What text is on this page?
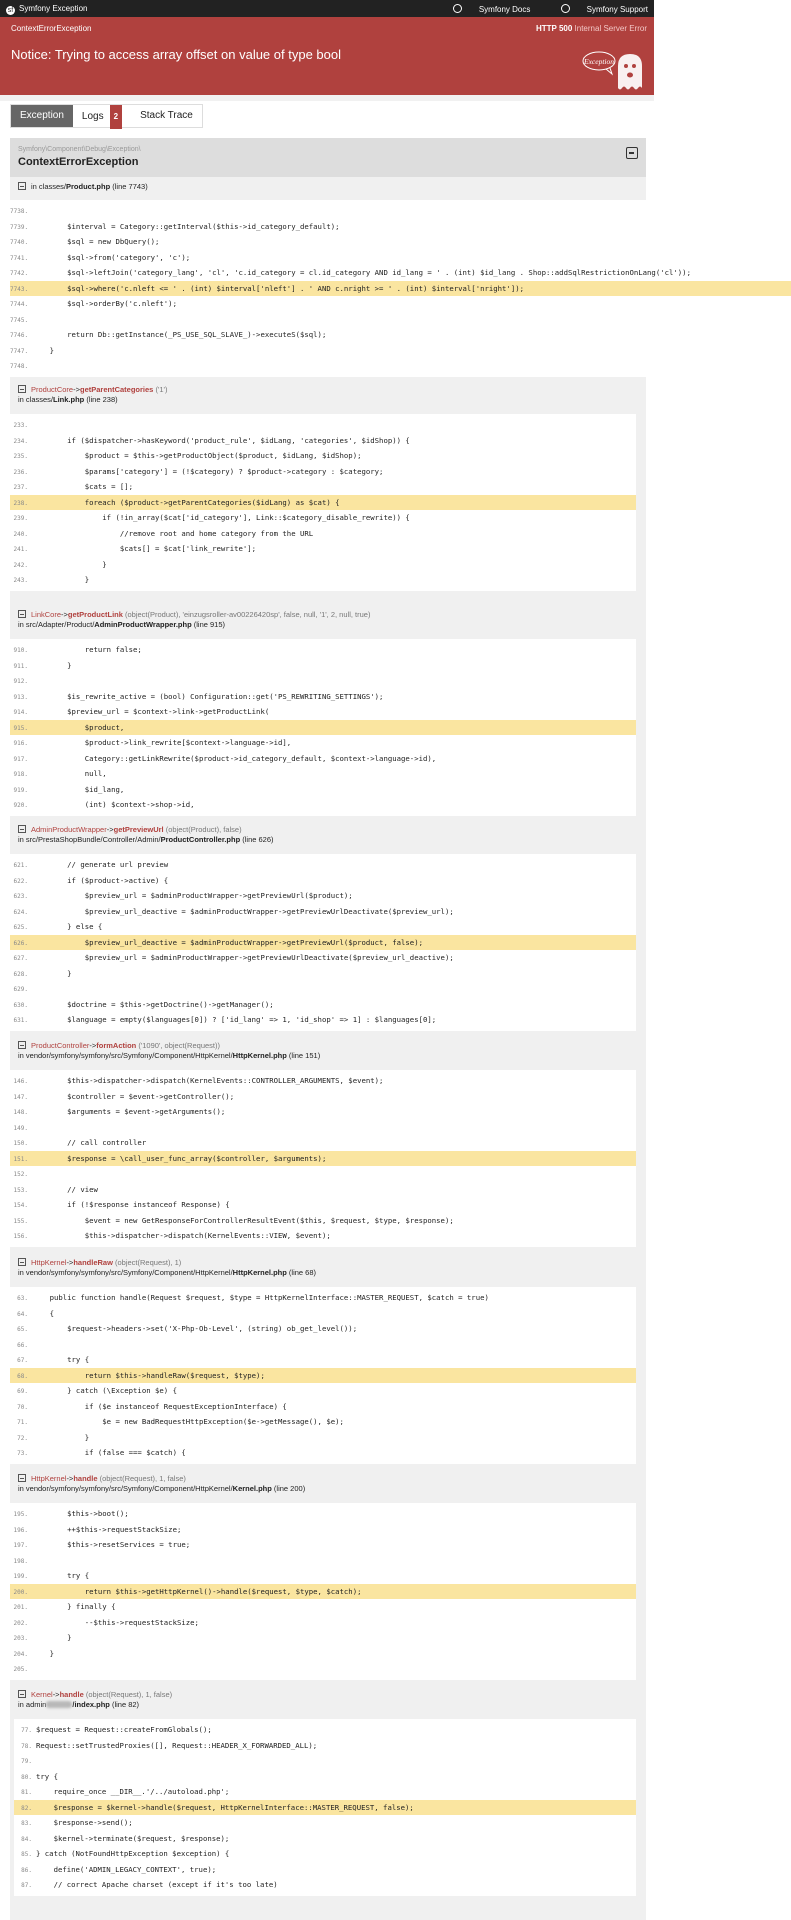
sf Symfony Exception	Symfony Docs	Symfony Support
ContextErrorException	HTTP 500 Internal Server Error
Notice: Trying to access array offset on value of type bool	Exception
Exception	Logs 2	Stack Trace
Symfony\Component\Debug\Exception\
ContextErrorException
in classes/Product.php (line 7743)
7738.
7739.        $interval = Category::getInterval($this->id_category_default);
7740.        $sql = new DbQuery();
7741.        $sql->from('category', 'c');
7742.        $sql->leftJoin('category_lang', 'cl', 'c.id_category = cl.id_category AND id_lang = ' . (int) $id_lang . Shop::addSqlRestrictionOnLang('cl'));
7743.        $sql->where('c.nleft <= ' . (int) $interval['nleft'] . ' AND c.nright >= ' . (int) $interval['nright']);
7744.        $sql->orderBy('c.nleft');
7745.
7746.        return Db::getInstance(_PS_USE_SQL_SLAVE_)->executeS($sql);
7747.    }
7748.
ProductCore->getParentCategories ('1')
in classes/Link.php (line 238)
233.
234.        if ($dispatcher->hasKeyword('product_rule', $idLang, 'categories', $idShop)) {
235.            $product = $this->getProductObject($product, $idLang, $idShop);
236.            $params['category'] = (!$category) ? $product->category : $category;
237.            $cats = [];
238.            foreach ($product->getParentCategories($idLang) as $cat) {
239.                if (!in_array($cat['id_category'], Link::$category_disable_rewrite)) {
240.                    //remove root and home category from the URL
241.                    $cats[] = $cat['link_rewrite'];
242.                }
243.            }
LinkCore->getProductLink (object(Product), 'einzugsroller-av00226420sp', false, null, '1', 2, null, true)
in src/Adapter/Product/AdminProductWrapper.php (line 915)
910.            return false;
911.        }
912.
913.        $is_rewrite_active = (bool) Configuration::get('PS_REWRITING_SETTINGS');
914.        $preview_url = $context->link->getProductLink(
915.            $product,
916.            $product->link_rewrite[$context->language->id],
917.            Category::getLinkRewrite($product->id_category_default, $context->language->id),
918.            null,
919.            $id_lang,
920.            (int) $context->shop->id,
AdminProductWrapper->getPreviewUrl (object(Product), false)
in src/PrestaShopBundle/Controller/Admin/ProductController.php (line 626)
621.        // generate url preview
622.        if ($product->active) {
623.            $preview_url = $adminProductWrapper->getPreviewUrl($product);
624.            $preview_url_deactive = $adminProductWrapper->getPreviewUrlDeactivate($preview_url);
625.        } else {
626.            $preview_url_deactive = $adminProductWrapper->getPreviewUrl($product, false);
627.            $preview_url = $adminProductWrapper->getPreviewUrlDeactivate($preview_url_deactive);
628.        }
629.
630.        $doctrine = $this->getDoctrine()->getManager();
631.        $language = empty($languages[0]) ? ['id_lang' => 1, 'id_shop' => 1] : $languages[0];
ProductController->formAction ('1090', object(Request))
in vendor/symfony/symfony/src/Symfony/Component/HttpKernel/HttpKernel.php (line 151)
146.        $this->dispatcher->dispatch(KernelEvents::CONTROLLER_ARGUMENTS, $event);
147.        $controller = $event->getController();
148.        $arguments = $event->getArguments();
149.
150.        // call controller
151.        $response = \call_user_func_array($controller, $arguments);
152.
153.        // view
154.        if (!$response instanceof Response) {
155.            $event = new GetResponseForControllerResultEvent($this, $request, $type, $response);
156.            $this->dispatcher->dispatch(KernelEvents::VIEW, $event);
HttpKernel->handleRaw (object(Request), 1)
in vendor/symfony/symfony/src/Symfony/Component/HttpKernel/HttpKernel.php (line 68)
63.    public function handle(Request $request, $type = HttpKernelInterface::MASTER_REQUEST, $catch = true)
64.    {
65.        $request->headers->set('X-Php-Ob-Level', (string) ob_get_level());
66.
67.        try {
68.            return $this->handleRaw($request, $type);
69.        } catch (\Exception $e) {
70.            if ($e instanceof RequestExceptionInterface) {
71.                $e = new BadRequestHttpException($e->getMessage(), $e);
72.            }
73.            if (false === $catch) {
HttpKernel->handle (object(Request), 1, false)
in vendor/symfony/symfony/src/Symfony/Component/HttpKernel/Kernel.php (line 200)
195.        $this->boot();
196.        ++$this->requestStackSize;
197.        $this->resetServices = true;
198.
199.        try {
200.            return $this->getHttpKernel()->handle($request, $type, $catch);
201.        } finally {
202.            --$this->requestStackSize;
203.        }
204.    }
205.
Kernel->handle (object(Request), 1, false)
in admin	/index.php (line 82)
77. $request = Request::createFromGlobals();
78. Request::setTrustedProxies([], Request::HEADER_X_FORWARDED_ALL);
79.
80. try {
81.    require_once __DIR__.'/../autoload.php';
82.    $response = $kernel->handle($request, HttpKernelInterface::MASTER_REQUEST, false);
83.    $response->send();
84.    $kernel->terminate($request, $response);
85. } catch (NotFoundHttpException $exception) {
86.    define('ADMIN_LEGACY_CONTEXT', true);
87.    // correct Apache charset (except if it's too late)
